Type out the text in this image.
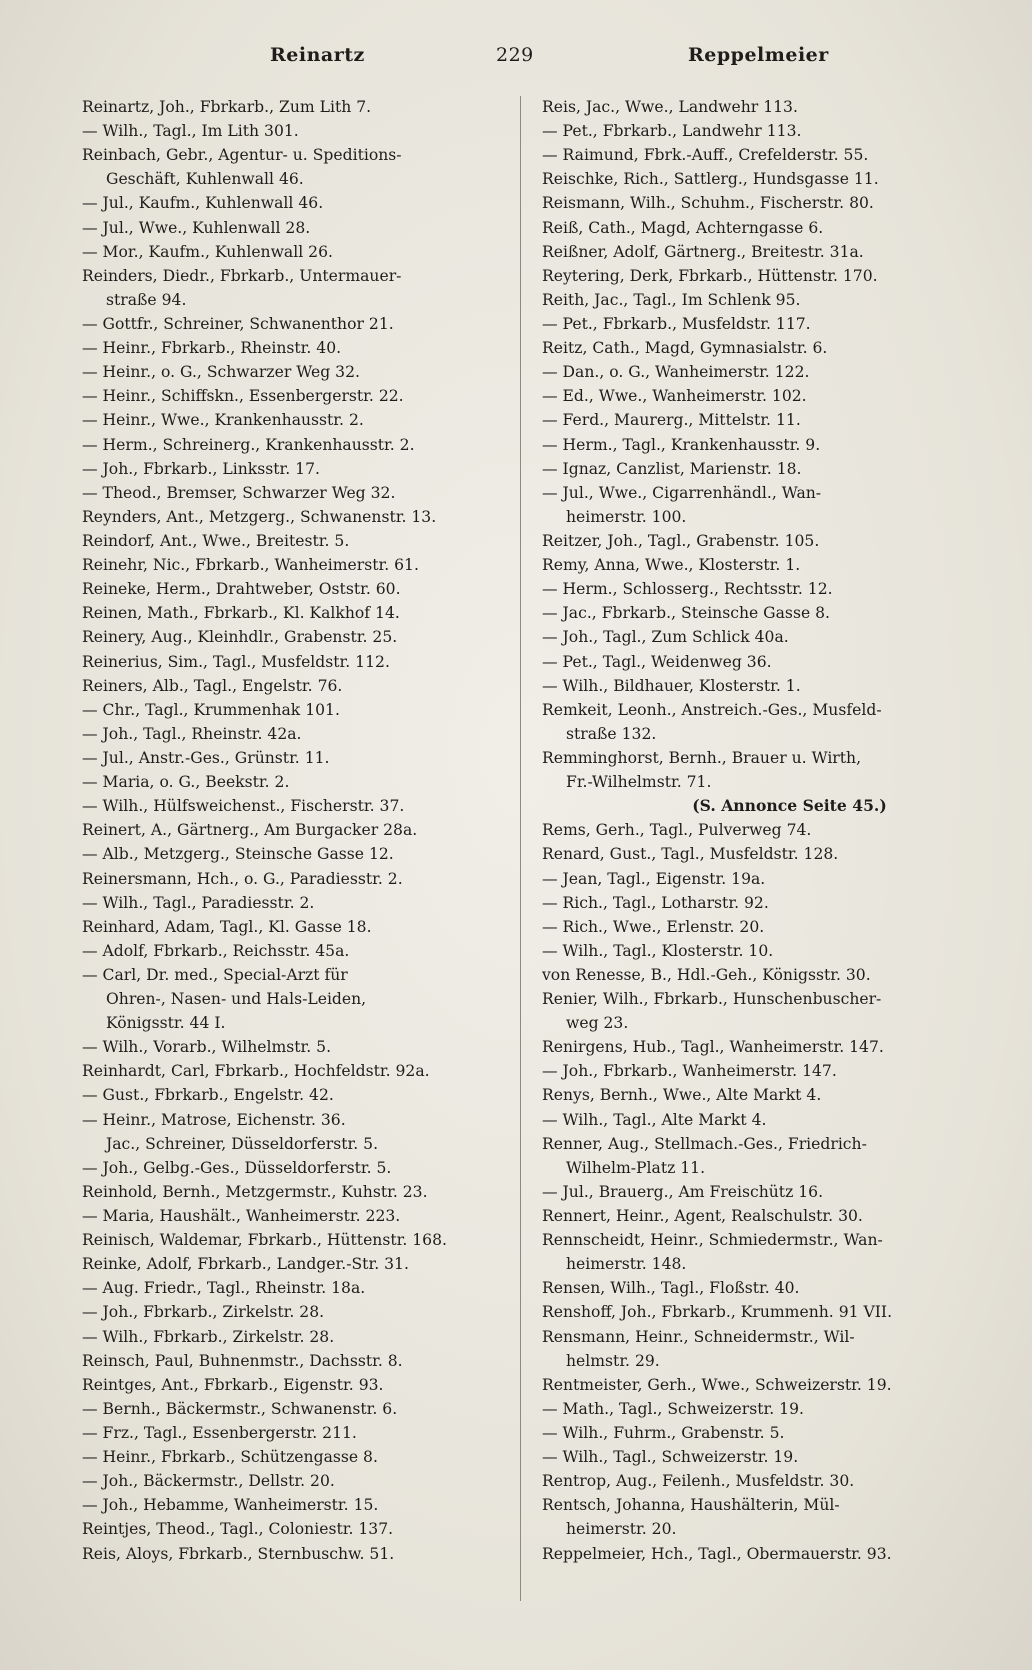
Reinartz	229	Reppelmeier
Reinartz, Joh., Fbrkarb., Zum Lith 7.
— Wilh., Tagl., Im Lith 301.
Reinbach, Gebr., Agentur- u. Speditions-
Geschäft, Kuhlenwall 46.
— Jul., Kaufm., Kuhlenwall 46.
— Jul., Wwe., Kuhlenwall 28.
— Mor., Kaufm., Kuhlenwall 26.
Reinders, Diedr., Fbrkarb., Untermauer-
straße 94.
— Gottfr., Schreiner, Schwanenthor 21.
— Heinr., Fbrkarb., Rheinstr. 40.
— Heinr., o. G., Schwarzer Weg 32.
— Heinr., Schiffskn., Essenbergerstr. 22.
— Heinr., Wwe., Krankenhausstr. 2.
— Herm., Schreinerg., Krankenhausstr. 2.
— Joh., Fbrkarb., Linksstr. 17.
— Theod., Bremser, Schwarzer Weg 32.
Reynders, Ant., Metzgerg., Schwanenstr. 13.
Reindorf, Ant., Wwe., Breitestr. 5.
Reinehr, Nic., Fbrkarb., Wanheimerstr. 61.
Reineke, Herm., Drahtweber, Oststr. 60.
Reinen, Math., Fbrkarb., Kl. Kalkhof 14.
Reinery, Aug., Kleinhdlr., Grabenstr. 25.
Reinerius, Sim., Tagl., Musfeldstr. 112.
Reiners, Alb., Tagl., Engelstr. 76.
— Chr., Tagl., Krummenhak 101.
— Joh., Tagl., Rheinstr. 42a.
— Jul., Anstr.-Ges., Grünstr. 11.
— Maria, o. G., Beekstr. 2.
— Wilh., Hülfsweichenst., Fischerstr. 37.
Reinert, A., Gärtnerg., Am Burgacker 28a.
— Alb., Metzgerg., Steinsche Gasse 12.
Reinersmann, Hch., o. G., Paradiesstr. 2.
— Wilh., Tagl., Paradiesstr. 2.
Reinhard, Adam, Tagl., Kl. Gasse 18.
— Adolf, Fbrkarb., Reichsstr. 45a.
— Carl, Dr. med., Special-Arzt für
Ohren-, Nasen- und Hals-Leiden,
Königsstr. 44 I.
— Wilh., Vorarb., Wilhelmstr. 5.
Reinhardt, Carl, Fbrkarb., Hochfeldstr. 92a.
— Gust., Fbrkarb., Engelstr. 42.
— Heinr., Matrose, Eichenstr. 36.
Jac., Schreiner, Düsseldorferstr. 5.
— Joh., Gelbg.-Ges., Düsseldorferstr. 5.
Reinhold, Bernh., Metzgermstr., Kuhstr. 23.
— Maria, Haushält., Wanheimerstr. 223.
Reinisch, Waldemar, Fbrkarb., Hüttenstr. 168.
Reinke, Adolf, Fbrkarb., Landger.-Str. 31.
— Aug. Friedr., Tagl., Rheinstr. 18a.
— Joh., Fbrkarb., Zirkelstr. 28.
— Wilh., Fbrkarb., Zirkelstr. 28.
Reinsch, Paul, Buhnenmstr., Dachsstr. 8.
Reintges, Ant., Fbrkarb., Eigenstr. 93.
— Bernh., Bäckermstr., Schwanenstr. 6.
— Frz., Tagl., Essenbergerstr. 211.
— Heinr., Fbrkarb., Schützengasse 8.
— Joh., Bäckermstr., Dellstr. 20.
— Joh., Hebamme, Wanheimerstr. 15.
Reintjes, Theod., Tagl., Coloniestr. 137.
Reis, Aloys, Fbrkarb., Sternbuschw. 51.
Reis, Jac., Wwe., Landwehr 113.
— Pet., Fbrkarb., Landwehr 113.
— Raimund, Fbrk.-Auff., Crefelderstr. 55.
Reischke, Rich., Sattlerg., Hundsgasse 11.
Reismann, Wilh., Schuhm., Fischerstr. 80.
Reiß, Cath., Magd, Achterngasse 6.
Reißner, Adolf, Gärtnerg., Breitestr. 31a.
Reytering, Derk, Fbrkarb., Hüttenstr. 170.
Reith, Jac., Tagl., Im Schlenk 95.
— Pet., Fbrkarb., Musfeldstr. 117.
Reitz, Cath., Magd, Gymnasialstr. 6.
— Dan., o. G., Wanheimerstr. 122.
— Ed., Wwe., Wanheimerstr. 102.
— Ferd., Maurerg., Mittelstr. 11.
— Herm., Tagl., Krankenhausstr. 9.
— Ignaz, Canzlist, Marienstr. 18.
— Jul., Wwe., Cigarrenhändl., Wan-
heimerstr. 100.
Reitzer, Joh., Tagl., Grabenstr. 105.
Remy, Anna, Wwe., Klosterstr. 1.
— Herm., Schlosserg., Rechtsstr. 12.
— Jac., Fbrkarb., Steinsche Gasse 8.
— Joh., Tagl., Zum Schlick 40a.
— Pet., Tagl., Weidenweg 36.
— Wilh., Bildhauer, Klosterstr. 1.
Remkeit, Leonh., Anstreich.-Ges., Musfeld-
straße 132.
Remminghorst, Bernh., Brauer u. Wirth,
Fr.-Wilhelmstr. 71.
(S. Annonce Seite 45.)
Rems, Gerh., Tagl., Pulverweg 74.
Renard, Gust., Tagl., Musfeldstr. 128.
— Jean, Tagl., Eigenstr. 19a.
— Rich., Tagl., Lotharstr. 92.
— Rich., Wwe., Erlenstr. 20.
— Wilh., Tagl., Klosterstr. 10.
von Renesse, B., Hdl.-Geh., Königsstr. 30.
Renier, Wilh., Fbrkarb., Hunschenbuscher-
weg 23.
Renirgens, Hub., Tagl., Wanheimerstr. 147.
— Joh., Fbrkarb., Wanheimerstr. 147.
Renys, Bernh., Wwe., Alte Markt 4.
— Wilh., Tagl., Alte Markt 4.
Renner, Aug., Stellmach.-Ges., Friedrich-
Wilhelm-Platz 11.
— Jul., Brauerg., Am Freischütz 16.
Rennert, Heinr., Agent, Realschulstr. 30.
Rennscheidt, Heinr., Schmiedermstr., Wan-
heimerstr. 148.
Rensen, Wilh., Tagl., Floßstr. 40.
Renshoff, Joh., Fbrkarb., Krummenh. 91 VII.
Rensmann, Heinr., Schneidermstr., Wil-
helmstr. 29.
Rentmeister, Gerh., Wwe., Schweizerstr. 19.
— Math., Tagl., Schweizerstr. 19.
— Wilh., Fuhrm., Grabenstr. 5.
— Wilh., Tagl., Schweizerstr. 19.
Rentrop, Aug., Feilenh., Musfeldstr. 30.
Rentsch, Johanna, Haushälterin, Mül-
heimerstr. 20.
Reppelmeier, Hch., Tagl., Obermauerstr. 93.
